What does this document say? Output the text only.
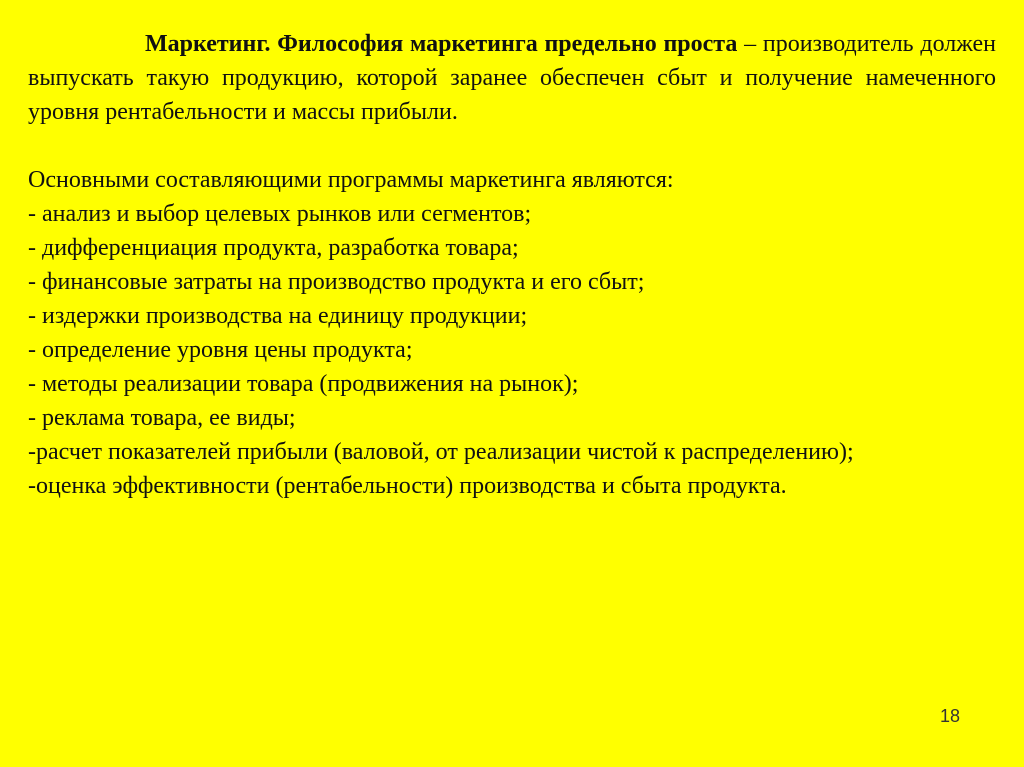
Маркетинг. Философия маркетинга предельно проста – производитель должен выпускать такую продукцию, которой заранее обеспечен сбыт и получение намеченного уровня рентабельности и массы прибыли.

Основными составляющими программы маркетинга являются:

- анализ и выбор целевых рынков или сегментов;

- дифференциация продукта, разработка товара;

- финансовые затраты на производство продукта и его сбыт;

- издержки производства на единицу продукции;

- определение уровня цены продукта;

- методы реализации товара (продвижения на рынок);

- реклама товара, ее виды;

-расчет показателей прибыли (валовой, от реализации чистой к распределению);

-оценка эффективности (рентабельности) производства и сбыта продукта.

18
